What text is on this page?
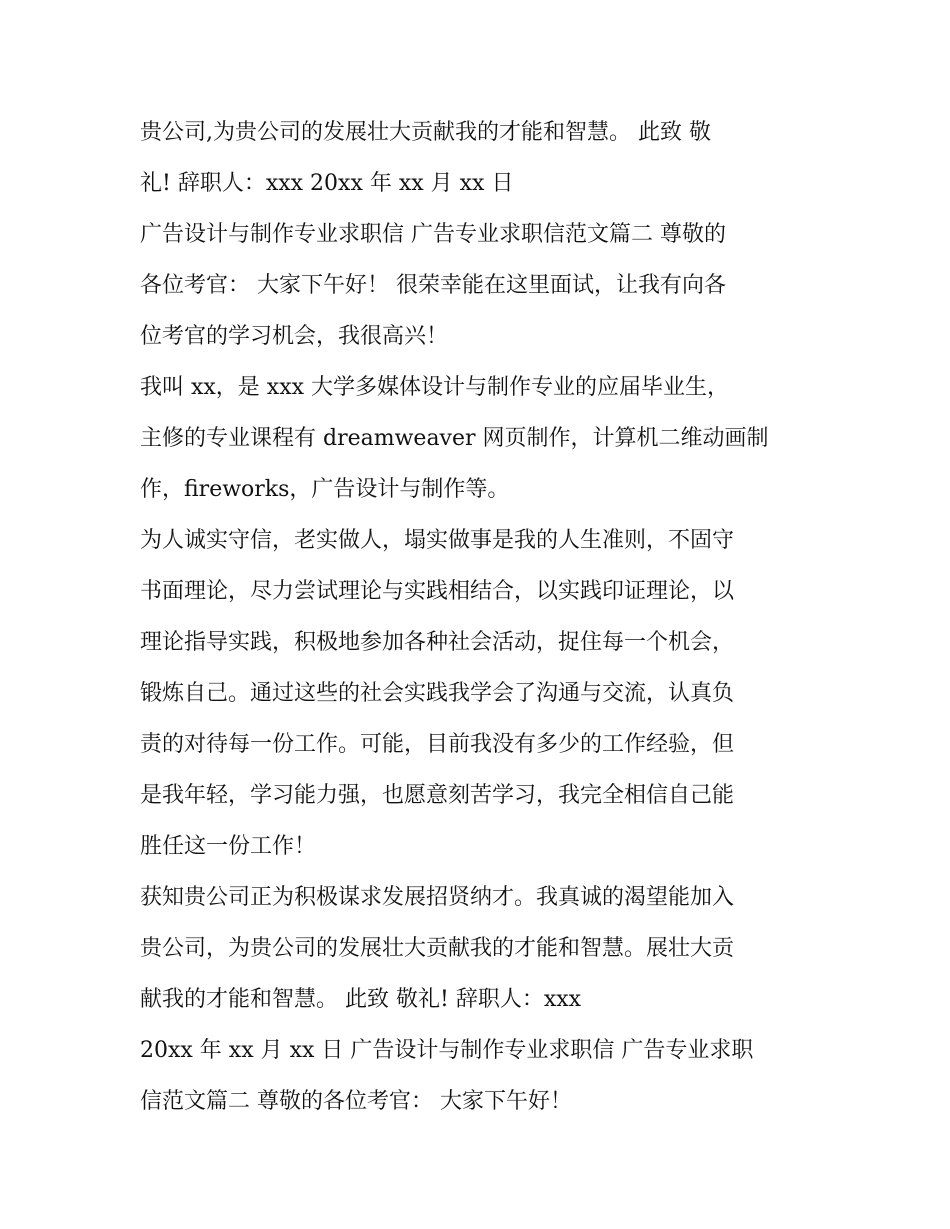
贵公司,为贵公司的发展壮大贡献我的才能和智慧。 此致 敬
礼! 辞职人：xxx 20xx 年 xx 月 xx 日
广告设计与制作专业求职信 广告专业求职信范文篇二 尊敬的
各位考官： 大家下午好！ 很荣幸能在这里面试，让我有向各
位考官的学习机会，我很高兴！
我叫 xx，是 xxx 大学多媒体设计与制作专业的应届毕业生，
主修的专业课程有 dreamweaver 网页制作，计算机二维动画制
作，fireworks，广告设计与制作等。
为人诚实守信，老实做人，塌实做事是我的人生准则，不固守
书面理论，尽力尝试理论与实践相结合，以实践印证理论，以
理论指导实践，积极地参加各种社会活动，捉住每一个机会，
锻炼自己。通过这些的社会实践我学会了沟通与交流，认真负
责的对待每一份工作。可能，目前我没有多少的工作经验，但
是我年轻，学习能力强，也愿意刻苦学习，我完全相信自己能
胜任这一份工作！
获知贵公司正为积极谋求发展招贤纳才。我真诚的渴望能加入
贵公司，为贵公司的发展壮大贡献我的才能和智慧。展壮大贡
献我的才能和智慧。 此致 敬礼! 辞职人：xxx
20xx 年 xx 月 xx 日 广告设计与制作专业求职信 广告专业求职
信范文篇二 尊敬的各位考官： 大家下午好！
